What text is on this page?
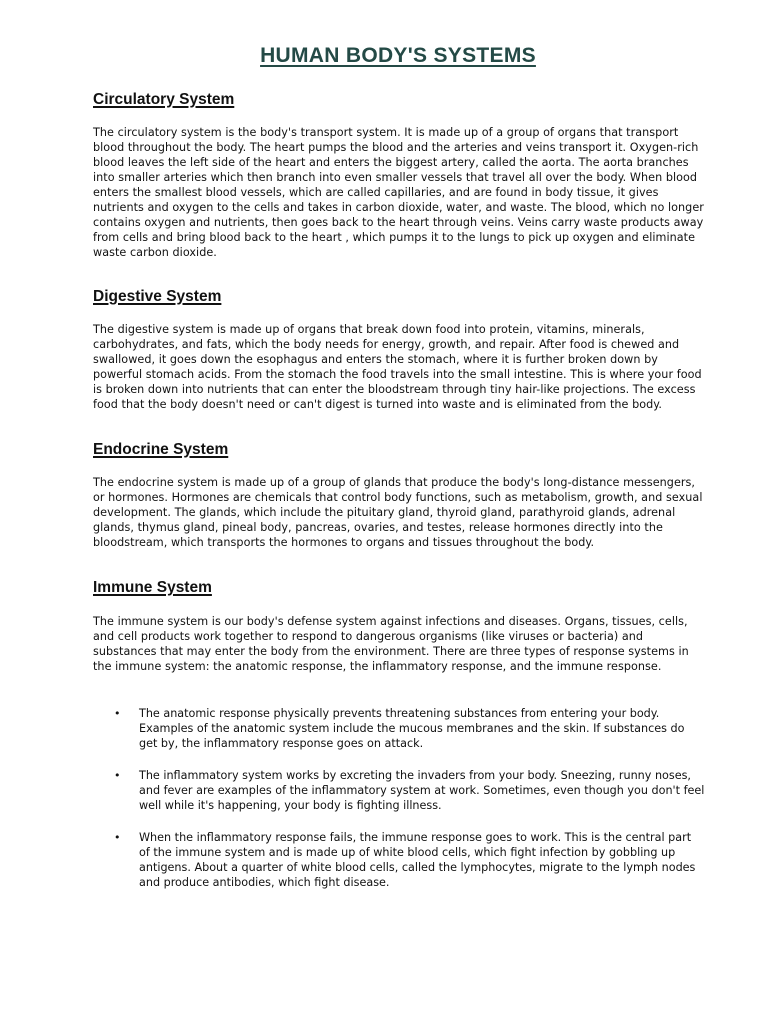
HUMAN BODY'S SYSTEMS
Circulatory System

The circulatory system is the body's transport system. It is made up of a group of organs that transport blood throughout the body. The heart pumps the blood and the arteries and veins transport it. Oxygen-rich blood leaves the left side of the heart and enters the biggest artery, called the aorta. The aorta branches into smaller arteries which then branch into even smaller vessels that travel all over the body. When blood enters the smallest blood vessels, which are called capillaries, and are found in body tissue, it gives nutrients and oxygen to the cells and takes in carbon dioxide, water, and waste. The blood, which no longer contains oxygen and nutrients, then goes back to the heart through veins. Veins carry waste products away from cells and bring blood back to the heart , which pumps it to the lungs to pick up oxygen and eliminate waste carbon dioxide.

Digestive System

The digestive system is made up of organs that break down food into protein, vitamins, minerals, carbohydrates, and fats, which the body needs for energy, growth, and repair. After food is chewed and swallowed, it goes down the esophagus and enters the stomach, where it is further broken down by powerful stomach acids. From the stomach the food travels into the small intestine. This is where your food is broken down into nutrients that can enter the bloodstream through tiny hair-like projections. The excess food that the body doesn't need or can't digest is turned into waste and is eliminated from the body.

Endocrine System

The endocrine system is made up of a group of glands that produce the body's long-distance messengers, or hormones. Hormones are chemicals that control body functions, such as metabolism, growth, and sexual development. The glands, which include the pituitary gland, thyroid gland, parathyroid glands, adrenal glands, thymus gland, pineal body, pancreas, ovaries, and testes, release hormones directly into the bloodstream, which transports the hormones to organs and tissues throughout the body.

Immune System

The immune system is our body's defense system against infections and diseases. Organs, tissues, cells, and cell products work together to respond to dangerous organisms (like viruses or bacteria) and substances that may enter the body from the environment. There are three types of response systems in the immune system: the anatomic response, the inflammatory response, and the immune response.

• The anatomic response physically prevents threatening substances from entering your body. Examples of the anatomic system include the mucous membranes and the skin. If substances do get by, the inflammatory response goes on attack.
• The inflammatory system works by excreting the invaders from your body. Sneezing, runny noses, and fever are examples of the inflammatory system at work. Sometimes, even though you don't feel well while it's happening, your body is fighting illness.
• When the inflammatory response fails, the immune response goes to work. This is the central part of the immune system and is made up of white blood cells, which fight infection by gobbling up antigens. About a quarter of white blood cells, called the lymphocytes, migrate to the lymph nodes and produce antibodies, which fight disease.
